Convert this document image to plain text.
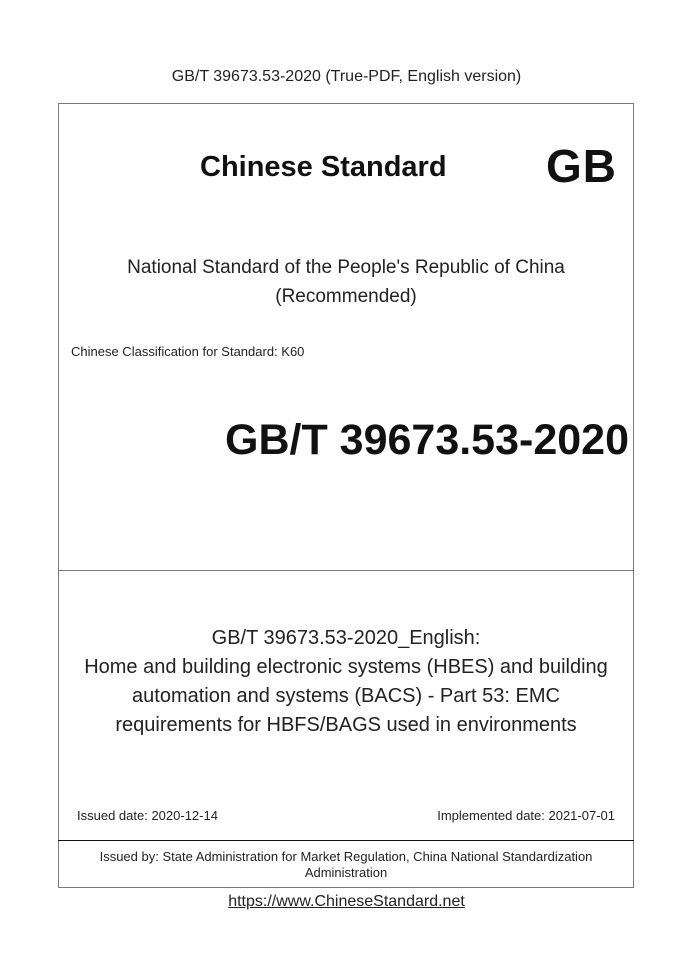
GB/T 39673.53-2020 (True-PDF, English version)
Chinese Standard GB
National Standard of the People's Republic of China
(Recommended)
Chinese Classification for Standard: K60
GB/T 39673.53-2020
GB/T 39673.53-2020_English:
Home and building electronic systems (HBES) and building
automation and systems (BACS) - Part 53: EMC
requirements for HBFS/BAGS used in environments
Issued date: 2020-12-14	Implemented date: 2021-07-01
Issued by: State Administration for Market Regulation, China National Standardization
Administration
https://www.ChineseStandard.net
